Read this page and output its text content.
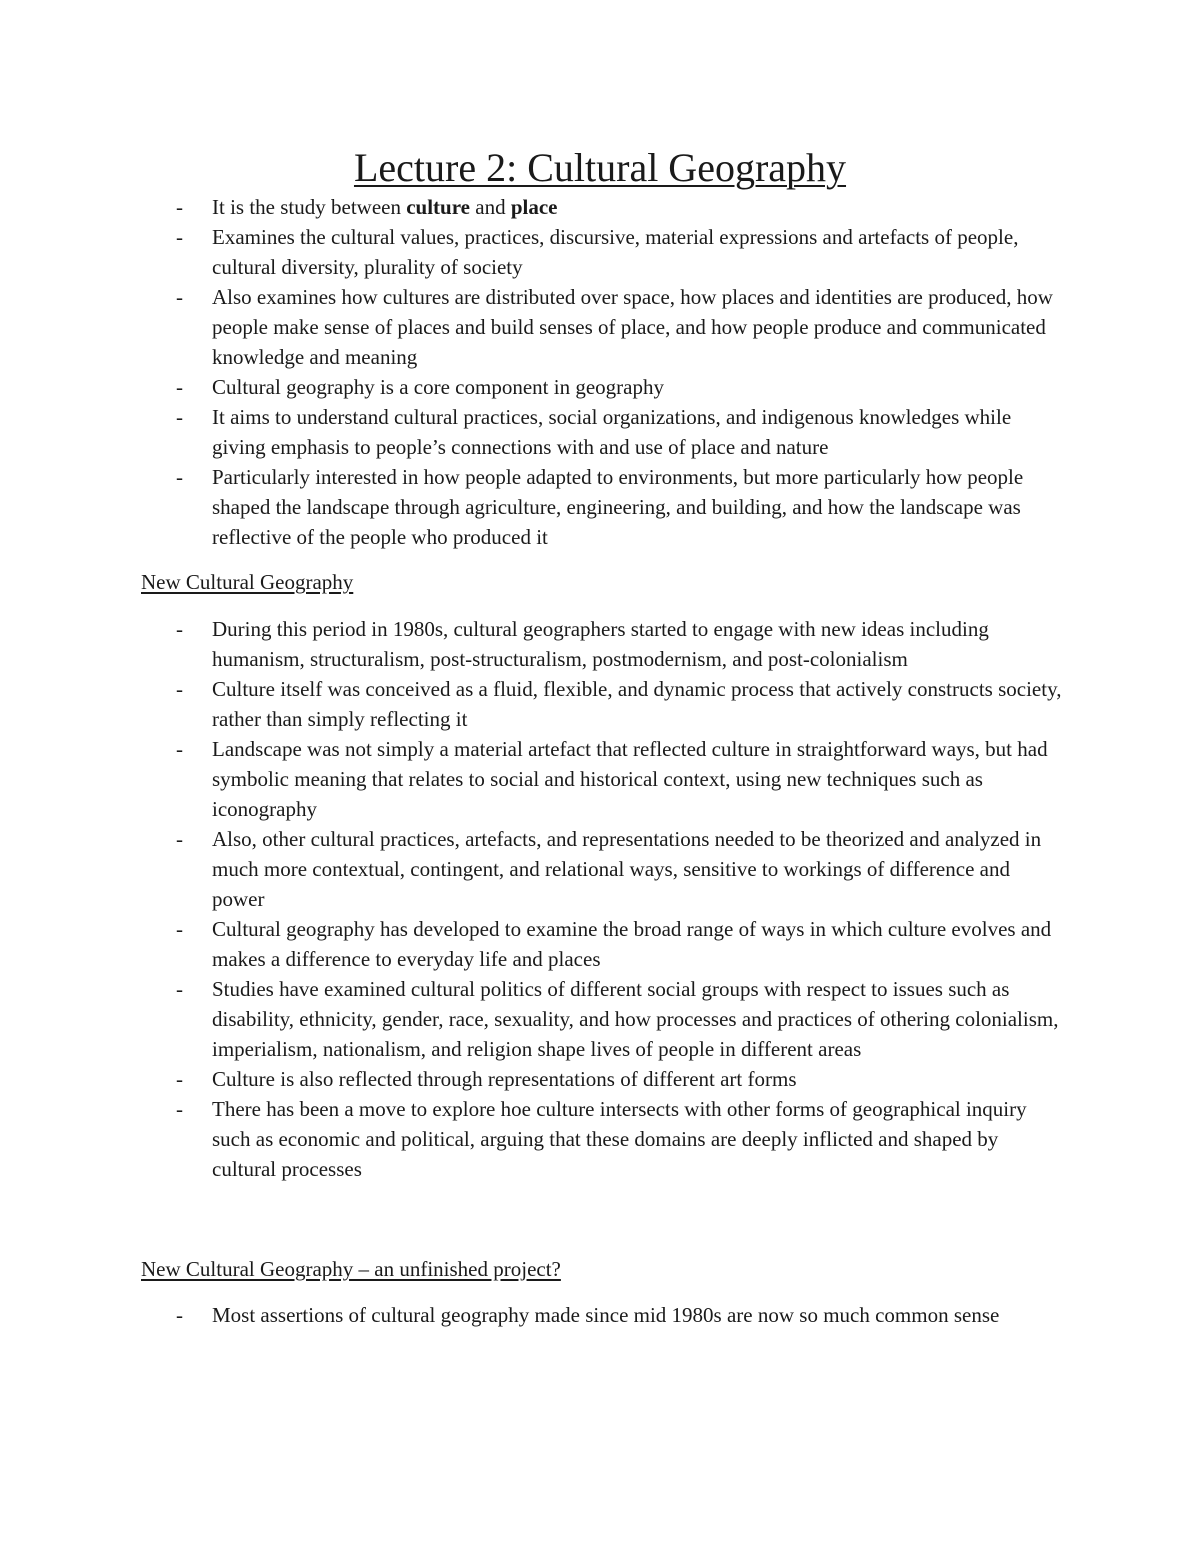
Lecture 2: Cultural Geography
- It is the study between culture and place
- Examines the cultural values, practices, discursive, material expressions and artefacts of people, cultural diversity, plurality of society
- Also examines how cultures are distributed over space, how places and identities are produced, how people make sense of places and build senses of place, and how people produce and communicated knowledge and meaning
- Cultural geography is a core component in geography
- It aims to understand cultural practices, social organizations, and indigenous knowledges while giving emphasis to people’s connections with and use of place and nature
- Particularly interested in how people adapted to environments, but more particularly how people shaped the landscape through agriculture, engineering, and building, and how the landscape was reflective of the people who produced it
New Cultural Geography
- During this period in 1980s, cultural geographers started to engage with new ideas including humanism, structuralism, post-structuralism, postmodernism, and post-colonialism
- Culture itself was conceived as a fluid, flexible, and dynamic process that actively constructs society, rather than simply reflecting it
- Landscape was not simply a material artefact that reflected culture in straightforward ways, but had symbolic meaning that relates to social and historical context, using new techniques such as iconography
- Also, other cultural practices, artefacts, and representations needed to be theorized and analyzed in much more contextual, contingent, and relational ways, sensitive to workings of difference and power
- Cultural geography has developed to examine the broad range of ways in which culture evolves and makes a difference to everyday life and places
- Studies have examined cultural politics of different social groups with respect to issues such as disability, ethnicity, gender, race, sexuality, and how processes and practices of othering colonialism, imperialism, nationalism, and religion shape lives of people in different areas
- Culture is also reflected through representations of different art forms
- There has been a move to explore hoe culture intersects with other forms of geographical inquiry such as economic and political, arguing that these domains are deeply inflicted and shaped by cultural processes
New Cultural Geography – an unfinished project?
- Most assertions of cultural geography made since mid 1980s are now so much common sense
